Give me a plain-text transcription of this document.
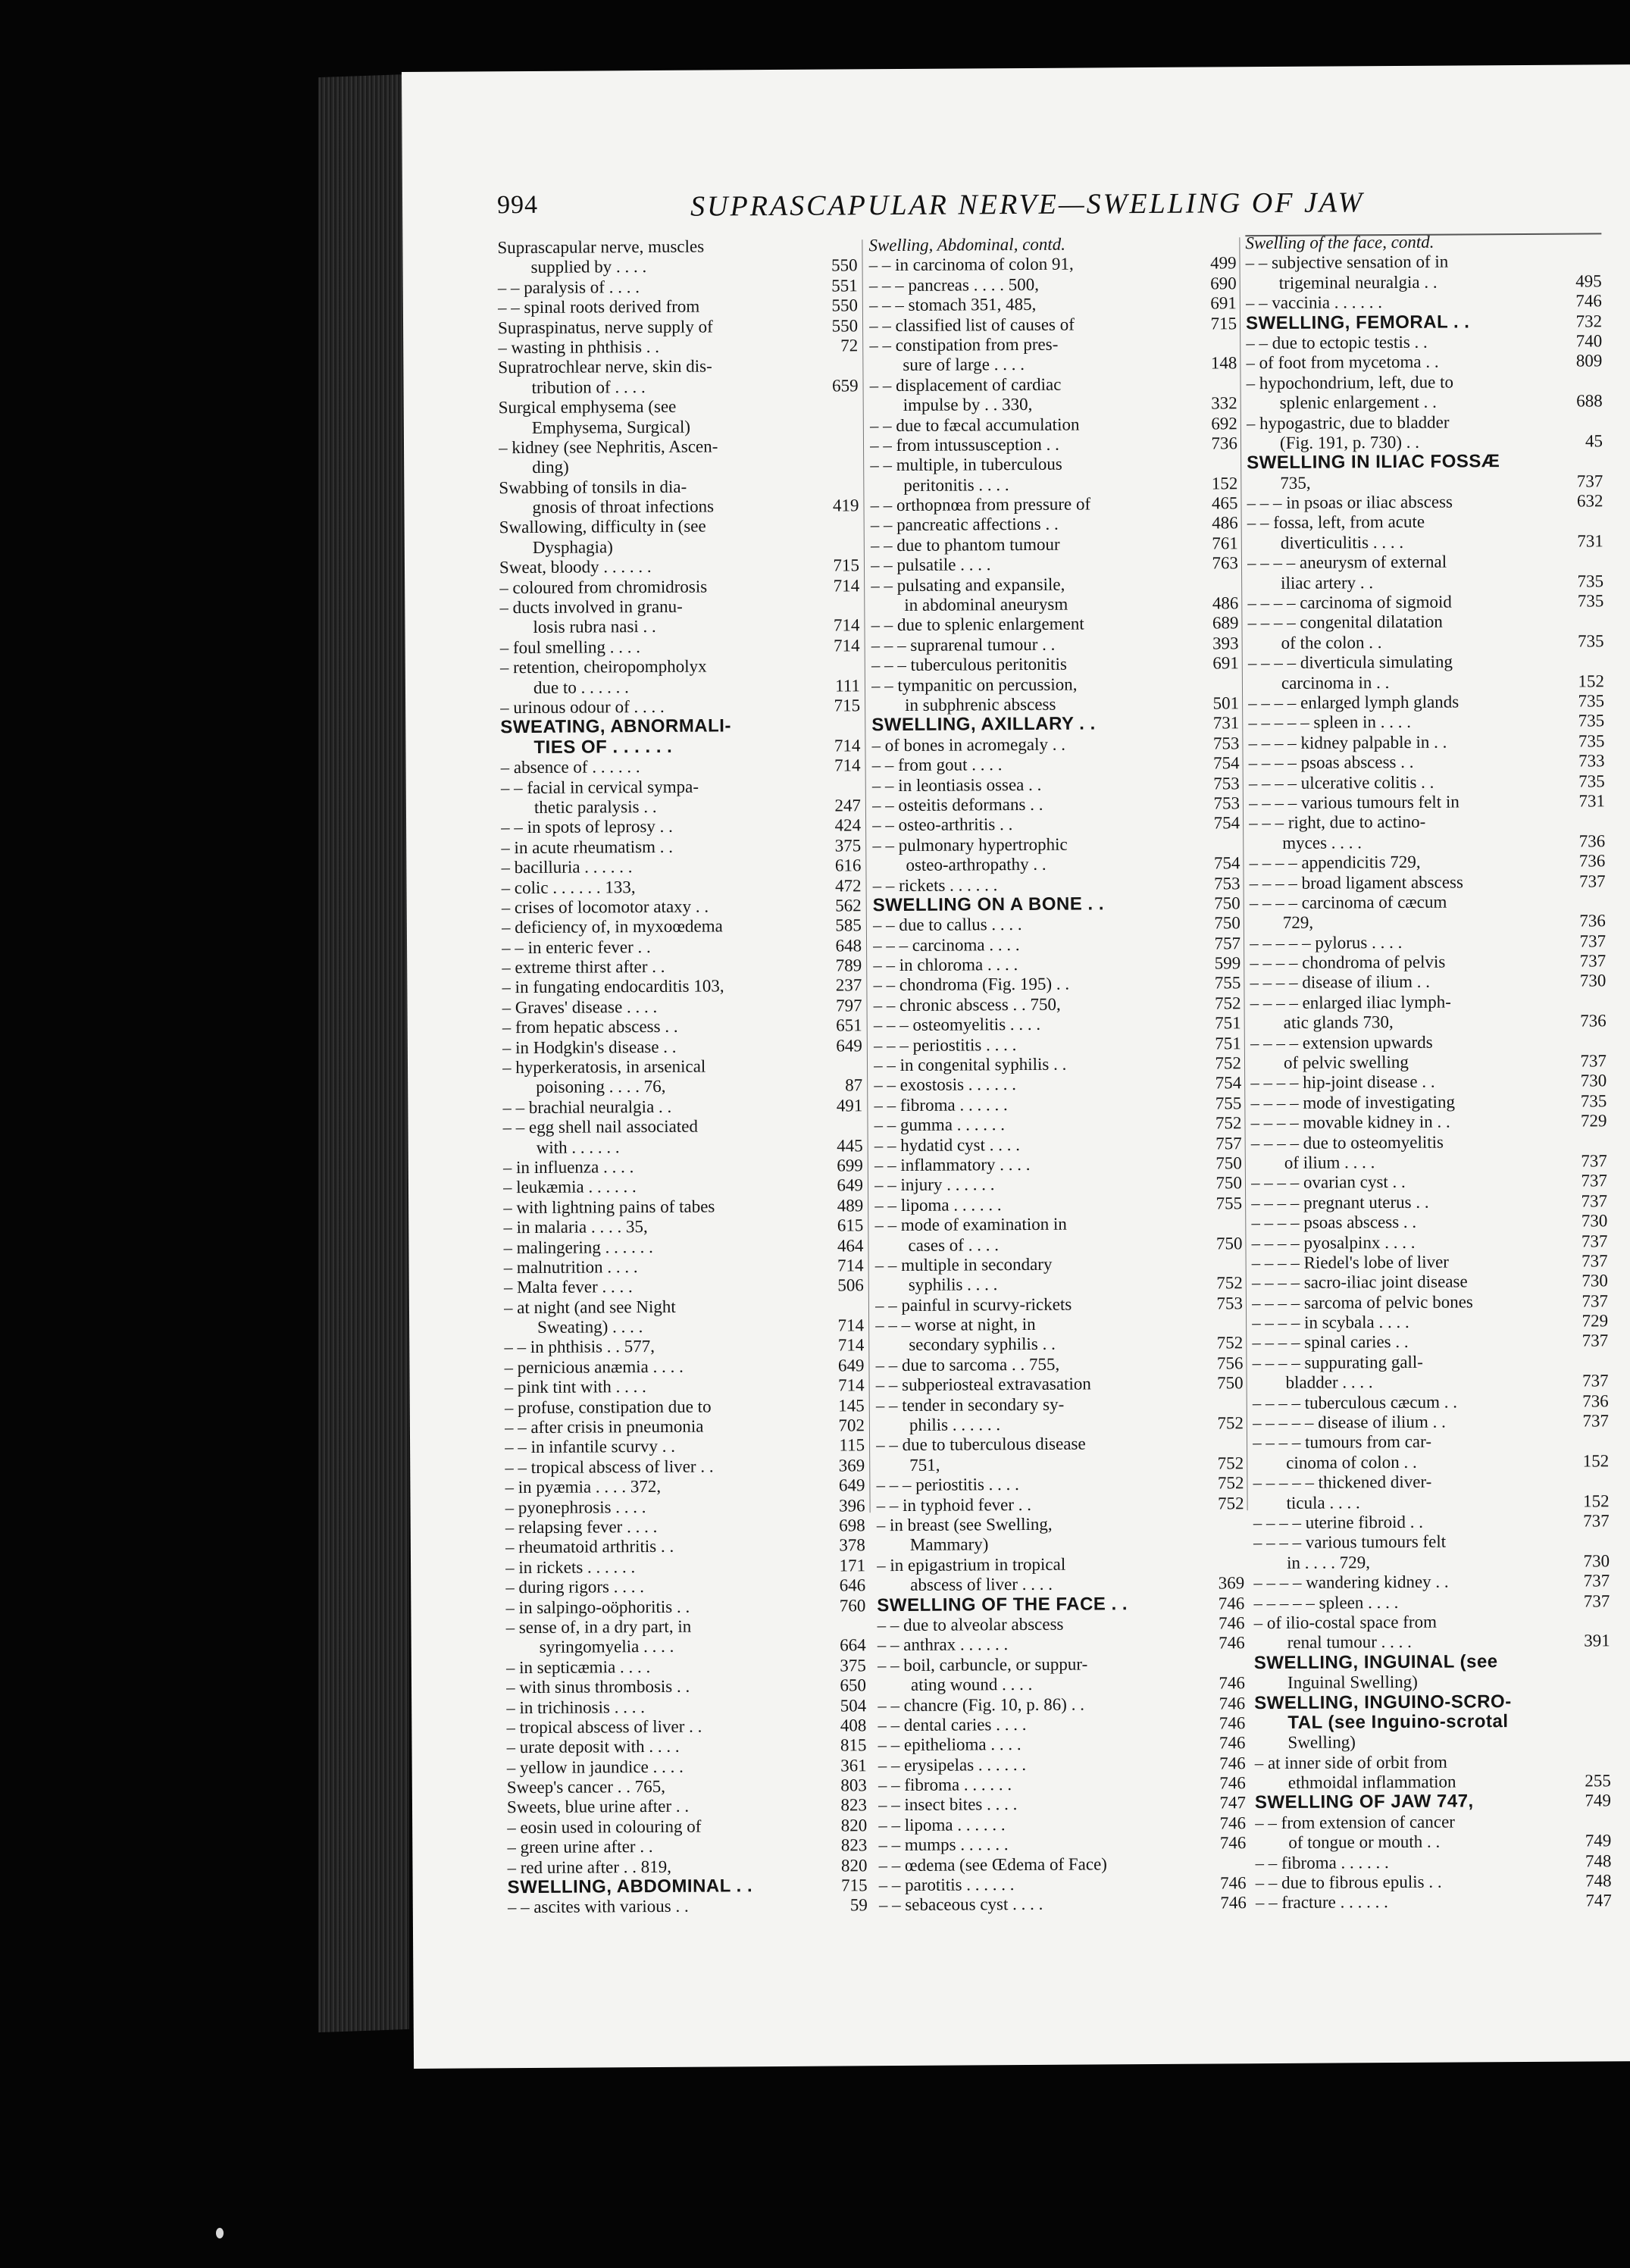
994	SUPRASCAPULAR NERVE—SWELLING OF JAW
Suprascapular nerve, muscles
supplied by . . . .	550
– – paralysis of . . . .	551
– – spinal roots derived from	550
Supraspinatus, nerve supply of	550
– wasting in phthisis . .	72
Supratrochlear nerve, skin dis-
tribution of . . . .	659
Surgical emphysema (see
Emphysema, Surgical)
– kidney (see Nephritis, Ascen-
ding)
Swabbing of tonsils in dia-
gnosis of throat infections	419
Swallowing, difficulty in (see
Dysphagia)
Sweat, bloody . . . . . .	715
– coloured from chromidrosis	714
– ducts involved in granu-
losis rubra nasi . .	714
– foul smelling . . . .	714
– retention, cheiropompholyx
due to . . . . . .	111
– urinous odour of . . . .	715
SWEATING, ABNORMALI-
TIES OF . . . . . .	714
– absence of . . . . . .	714
– – facial in cervical sympa-
thetic paralysis . .	247
– – in spots of leprosy . .	424
– in acute rheumatism . .	375
– bacilluria . . . . . .	616
– colic . . . . . . 133,	472
– crises of locomotor ataxy . .	562
– deficiency of, in myxoœdema	585
– – in enteric fever . .	648
– extreme thirst after . .	789
– in fungating endocarditis 103,	237
– Graves' disease . . . .	797
– from hepatic abscess . .	651
– in Hodgkin's disease . .	649
– hyperkeratosis, in arsenical
poisoning . . . . 76,	87
– – brachial neuralgia . .	491
– – egg shell nail associated
with . . . . . .	445
– in influenza . . . .	699
– leukæmia . . . . . .	649
– with lightning pains of tabes	489
– in malaria . . . . 35,	615
– malingering . . . . . .	464
– malnutrition . . . .	714
– Malta fever . . . .	506
– at night (and see Night
Sweating) . . . .	714
– – in phthisis . . 577,	714
– pernicious anæmia . . . .	649
– pink tint with . . . .	714
– profuse, constipation due to	145
– – after crisis in pneumonia	702
– – in infantile scurvy . .	115
– – tropical abscess of liver . .	369
– in pyæmia . . . . 372,	649
– pyonephrosis . . . .	396
– relapsing fever . . . .	698
– rheumatoid arthritis . .	378
– in rickets . . . . . .	171
– during rigors . . . .	646
– in salpingo-oöphoritis . .	760
– sense of, in a dry part, in
syringomyelia . . . .	664
– in septicæmia . . . .	375
– with sinus thrombosis . .	650
– in trichinosis . . . .	504
– tropical abscess of liver . .	408
– urate deposit with . . . .	815
– yellow in jaundice . . . .	361
Sweep's cancer . . 765,	803
Sweets, blue urine after . .	823
– eosin used in colouring of	820
– green urine after . .	823
– red urine after . . 819,	820
SWELLING, ABDOMINAL . .	715
– – ascites with various . .	59
Swelling, Abdominal, contd.
– – in carcinoma of colon 91,	499
– – – pancreas . . . . 500,	690
– – – stomach 351, 485,	691
– – classified list of causes of	715
– – constipation from pres-
sure of large . . . .	148
– – displacement of cardiac
impulse by . . 330,	332
– – due to fæcal accumulation	692
– – from intussusception . .	736
– – multiple, in tuberculous
peritonitis . . . .	152
– – orthopnœa from pressure of	465
– – pancreatic affections . .	486
– – due to phantom tumour	761
– – pulsatile . . . .	763
– – pulsating and expansile,
in abdominal aneurysm	486
– – due to splenic enlargement	689
– – – suprarenal tumour . .	393
– – – tuberculous peritonitis	691
– – tympanitic on percussion,
in subphrenic abscess	501
SWELLING, AXILLARY . .	731
– of bones in acromegaly . .	753
– – from gout . . . .	754
– – in leontiasis ossea . .	753
– – osteitis deformans . .	753
– – osteo-arthritis . .	754
– – pulmonary hypertrophic
osteo-arthropathy . .	754
– – rickets . . . . . .	753
SWELLING ON A BONE . .	750
– – due to callus . . . .	750
– – – carcinoma . . . .	757
– – in chloroma . . . .	599
– – chondroma (Fig. 195) . .	755
– – chronic abscess . . 750,	752
– – – osteomyelitis . . . .	751
– – – periostitis . . . .	751
– – in congenital syphilis . .	752
– – exostosis . . . . . .	754
– – fibroma . . . . . .	755
– – gumma . . . . . .	752
– – hydatid cyst . . . .	757
– – inflammatory . . . .	750
– – injury . . . . . .	750
– – lipoma . . . . . .	755
– – mode of examination in
cases of . . . .	750
– – multiple in secondary
syphilis . . . .	752
– – painful in scurvy-rickets	753
– – – worse at night, in
secondary syphilis . .	752
– – due to sarcoma . . 755,	756
– – subperiosteal extravasation	750
– – tender in secondary sy-
philis . . . . . .	752
– – due to tuberculous disease
751,	752
– – – periostitis . . . .	752
– – in typhoid fever . .	752
– in breast (see Swelling,
Mammary)
– in epigastrium in tropical
abscess of liver . . . .	369
SWELLING OF THE FACE . .	746
– – due to alveolar abscess	746
– – anthrax . . . . . .	746
– – boil, carbuncle, or suppur-
ating wound . . . .	746
– – chancre (Fig. 10, p. 86) . .	746
– – dental caries . . . .	746
– – epithelioma . . . .	746
– – erysipelas . . . . . .	746
– – fibroma . . . . . .	746
– – insect bites . . . .	747
– – lipoma . . . . . .	746
– – mumps . . . . . .	746
– – œdema (see Œdema of Face)
– – parotitis . . . . . .	746
– – sebaceous cyst . . . .	746
Swelling of the face, contd.
– – subjective sensation of in
trigeminal neuralgia . .	495
– – vaccinia . . . . . .	746
SWELLING, FEMORAL . .	732
– – due to ectopic testis . .	740
– of foot from mycetoma . .	809
– hypochondrium, left, due to
splenic enlargement . .	688
– hypogastric, due to bladder
(Fig. 191, p. 730) . .	45
SWELLING IN ILIAC FOSSÆ
735,	737
– – – in psoas or iliac abscess	632
– – fossa, left, from acute
diverticulitis . . . .	731
– – – – aneurysm of external
iliac artery . .	735
– – – – carcinoma of sigmoid	735
– – – – congenital dilatation
of the colon . .	735
– – – – diverticula simulating
carcinoma in . .	152
– – – – enlarged lymph glands	735
– – – – – spleen in . . . .	735
– – – – kidney palpable in . .	735
– – – – psoas abscess . .	733
– – – – ulcerative colitis . .	735
– – – – various tumours felt in	731
– – – right, due to actino-
myces . . . .	736
– – – – appendicitis 729,	736
– – – – broad ligament abscess	737
– – – – carcinoma of cæcum
729,	736
– – – – – pylorus . . . .	737
– – – – chondroma of pelvis	737
– – – – disease of ilium . .	730
– – – – enlarged iliac lymph-
atic glands 730,	736
– – – – extension upwards
of pelvic swelling	737
– – – – hip-joint disease . .	730
– – – – mode of investigating	735
– – – – movable kidney in . .	729
– – – – due to osteomyelitis
of ilium . . . .	737
– – – – ovarian cyst . .	737
– – – – pregnant uterus . .	737
– – – – psoas abscess . .	730
– – – – pyosalpinx . . . .	737
– – – – Riedel's lobe of liver	737
– – – – sacro-iliac joint disease	730
– – – – sarcoma of pelvic bones	737
– – – – in scybala . . . .	729
– – – – spinal caries . .	737
– – – – suppurating gall-
bladder . . . .	737
– – – – tuberculous cæcum . .	736
– – – – – disease of ilium . .	737
– – – – tumours from car-
cinoma of colon . .	152
– – – – – thickened diver-
ticula . . . .	152
– – – – uterine fibroid . .	737
– – – – various tumours felt
in . . . . 729,	730
– – – – wandering kidney . .	737
– – – – – spleen . . . .	737
– of ilio-costal space from
renal tumour . . . .	391
SWELLING, INGUINAL (see
Inguinal Swelling)
SWELLING, INGUINO-SCRO-
TAL (see Inguino-scrotal
Swelling)
– at inner side of orbit from
ethmoidal inflammation	255
SWELLING OF JAW 747,	749
– – from extension of cancer
of tongue or mouth . .	749
– – fibroma . . . . . .	748
– – due to fibrous epulis . .	748
– – fracture . . . . . .	747
